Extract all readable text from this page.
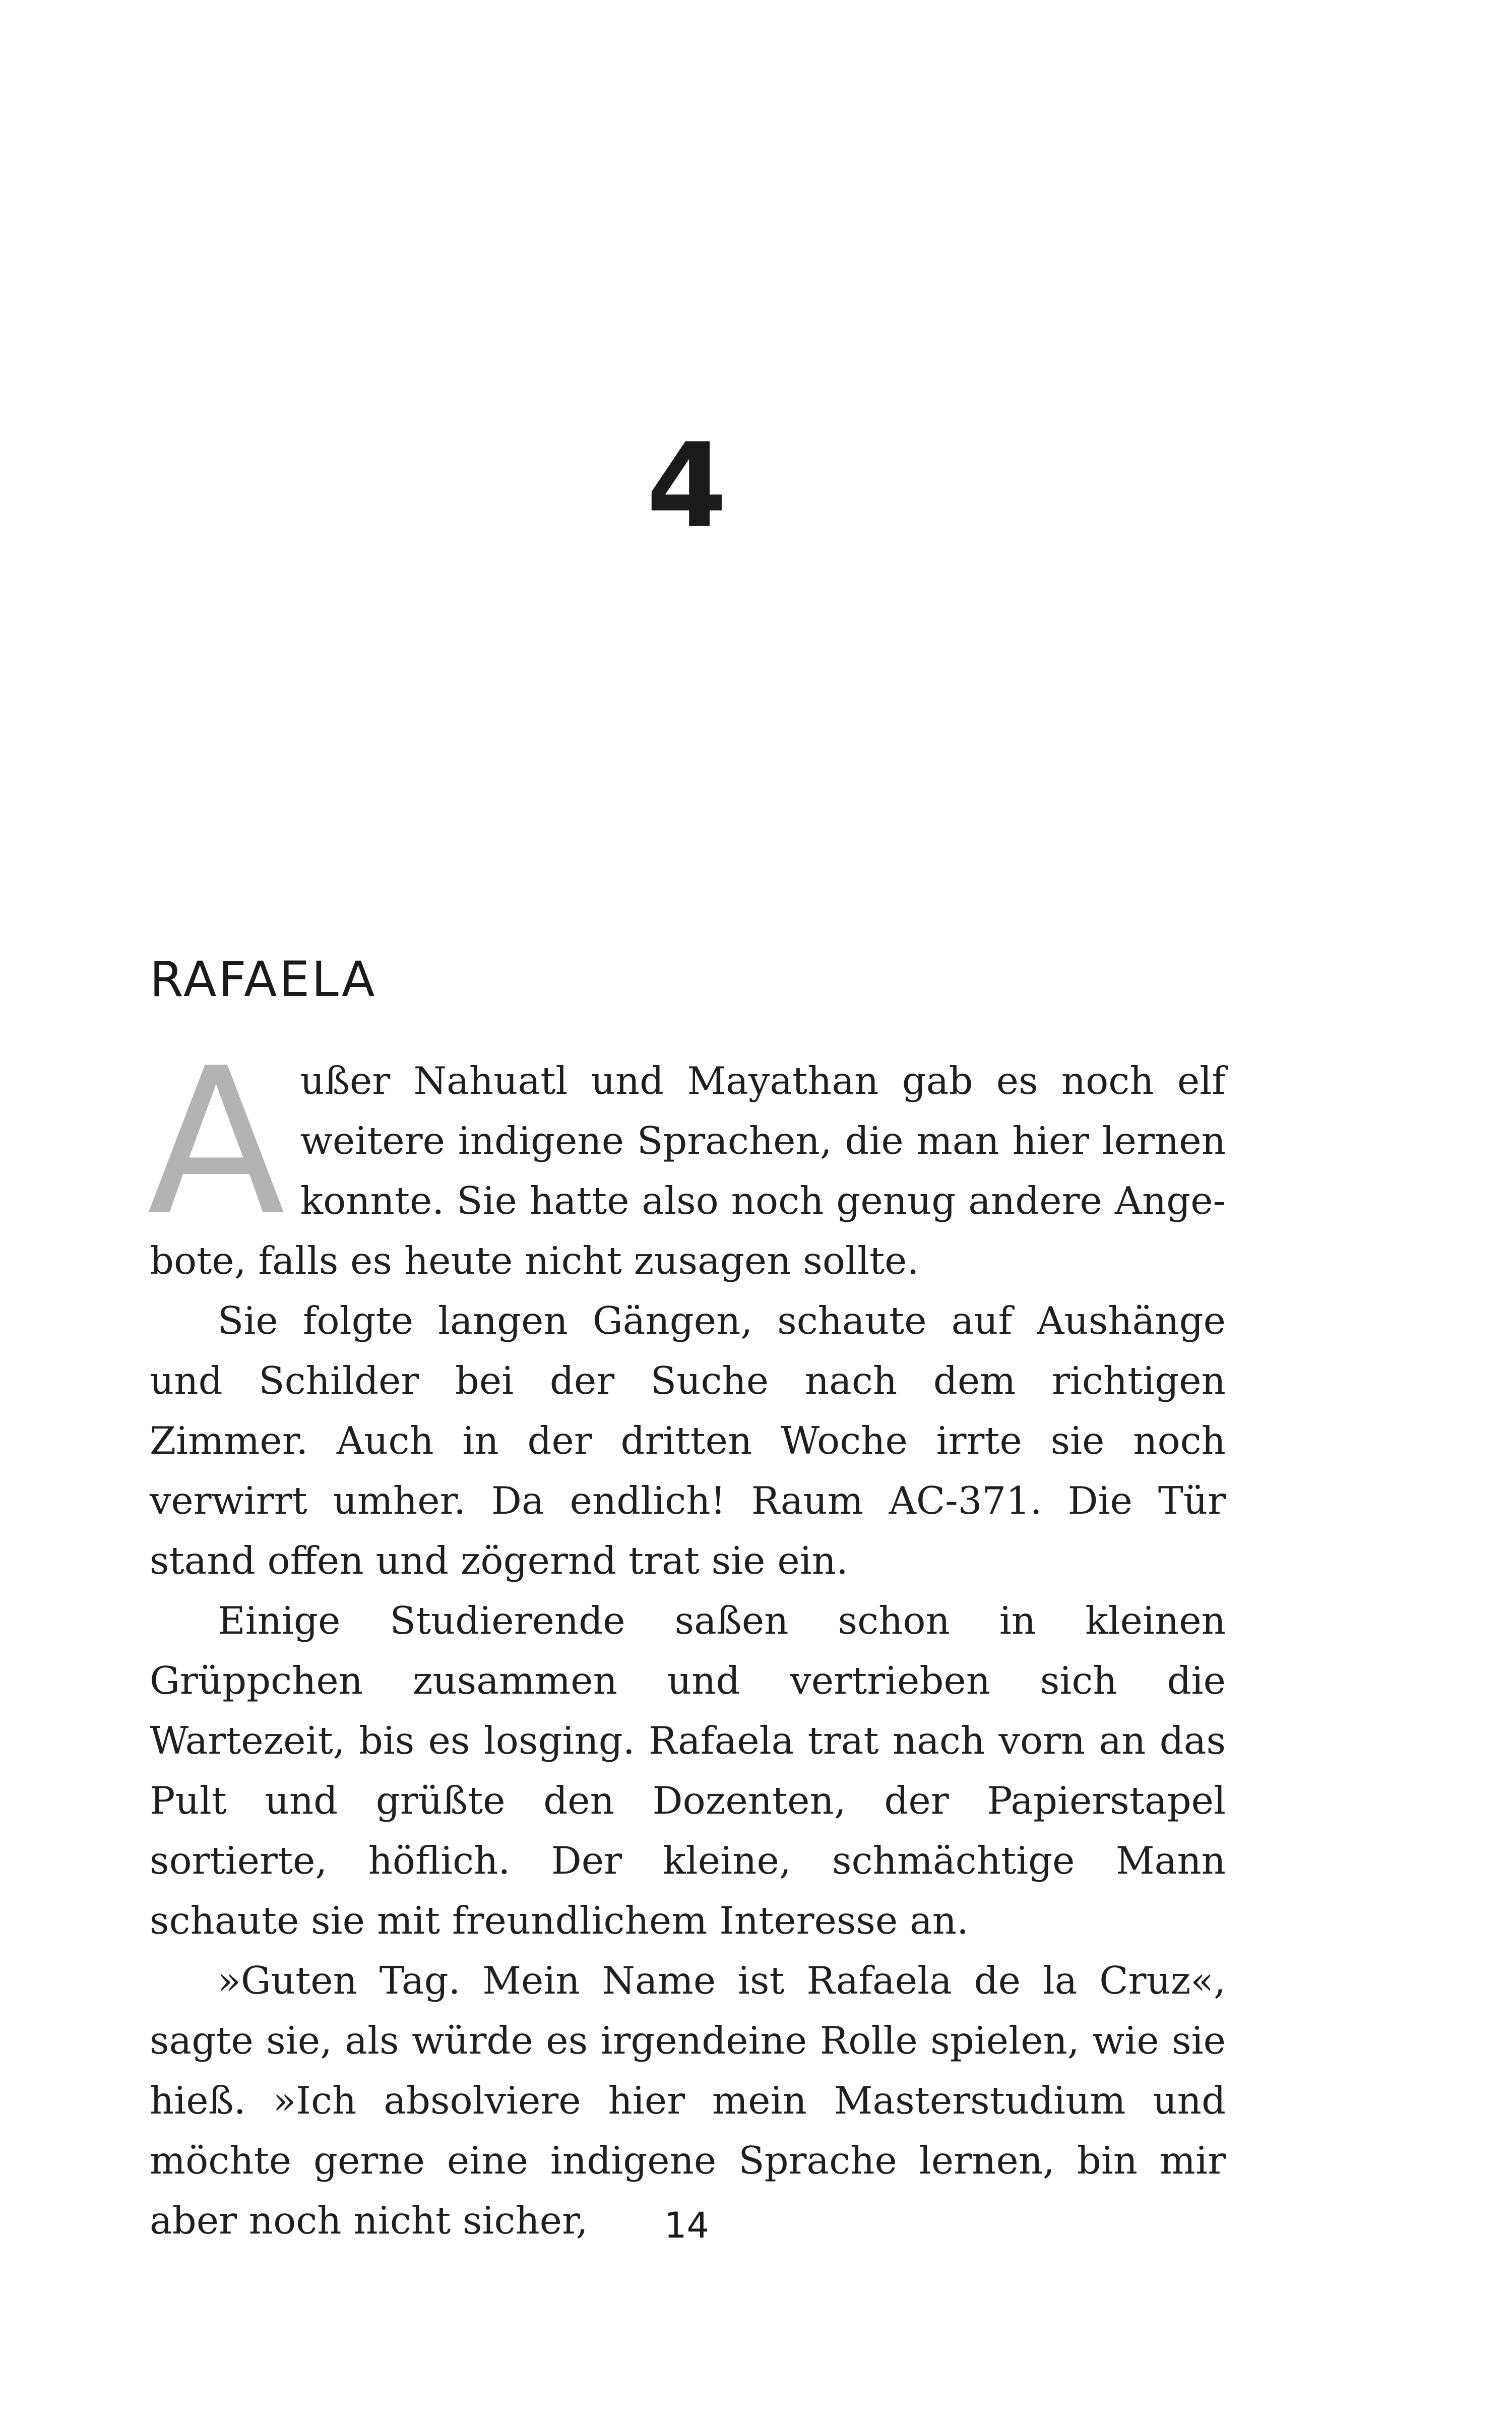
4
RAFAELA

Außer Nahuatl und Mayathan gab es noch elf weitere indigene Sprachen, die man hier lernen konnte. Sie hatte also noch genug andere Angebote, falls es heute nicht zusagen sollte.

Sie folgte langen Gängen, schaute auf Aushänge und Schilder bei der Suche nach dem richtigen Zimmer. Auch in der dritten Woche irrte sie noch verwirrt umher. Da endlich! Raum AC-371. Die Tür stand offen und zögernd trat sie ein.

Einige Studierende saßen schon in kleinen Grüppchen zusammen und vertrieben sich die Wartezeit, bis es losging. Rafaela trat nach vorn an das Pult und grüßte den Dozenten, der Papierstapel sortierte, höflich. Der kleine, schmächtige Mann schaute sie mit freundlichem Interesse an.

»Guten Tag. Mein Name ist Rafaela de la Cruz«, sagte sie, als würde es irgendeine Rolle spielen, wie sie hieß. »Ich absolviere hier mein Masterstudium und möchte gerne eine indigene Sprache lernen, bin mir aber noch nicht sicher,	14
